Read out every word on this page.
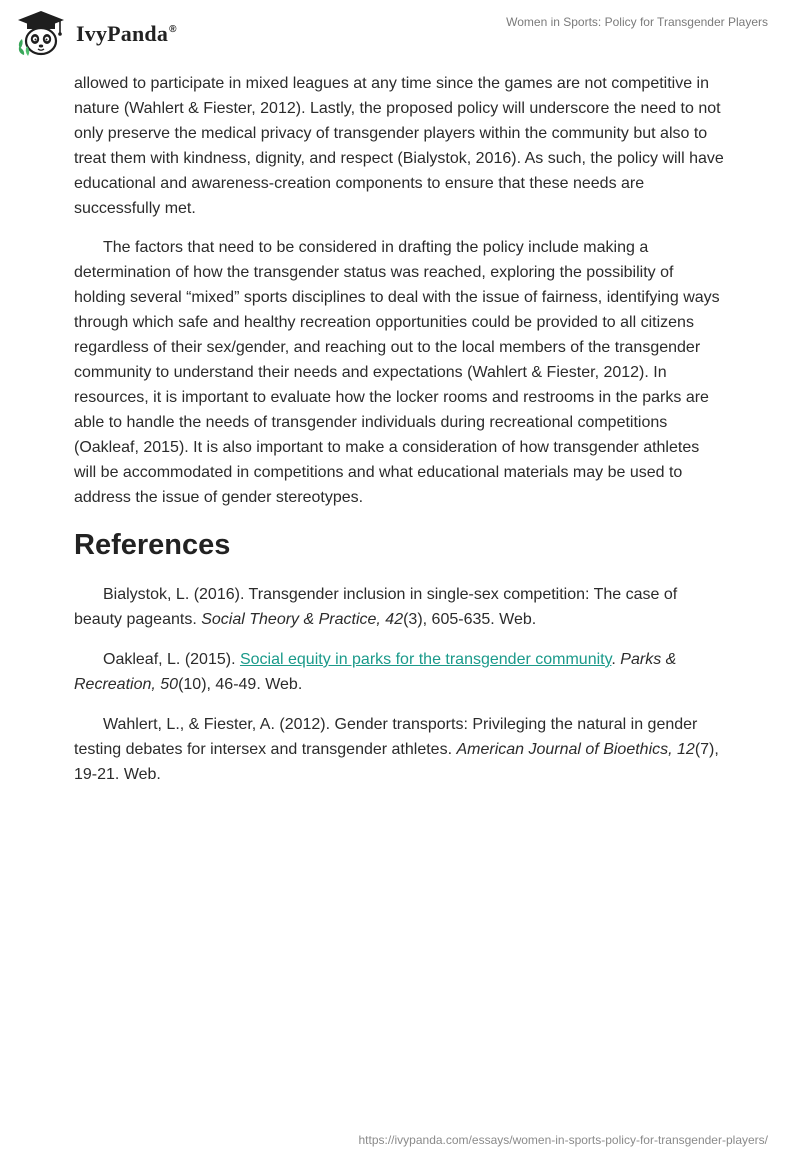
IvyPanda®
Women in Sports: Policy for Transgender Players

allowed to participate in mixed leagues at any time since the games are not competitive in nature (Wahlert & Fiester, 2012). Lastly, the proposed policy will underscore the need to not only preserve the medical privacy of transgender players within the community but also to treat them with kindness, dignity, and respect (Bialystok, 2016). As such, the policy will have educational and awareness-creation components to ensure that these needs are successfully met.

The factors that need to be considered in drafting the policy include making a determination of how the transgender status was reached, exploring the possibility of holding several “mixed” sports disciplines to deal with the issue of fairness, identifying ways through which safe and healthy recreation opportunities could be provided to all citizens regardless of their sex/gender, and reaching out to the local members of the transgender community to understand their needs and expectations (Wahlert & Fiester, 2012). In resources, it is important to evaluate how the locker rooms and restrooms in the parks are able to handle the needs of transgender individuals during recreational competitions (Oakleaf, 2015). It is also important to make a consideration of how transgender athletes will be accommodated in competitions and what educational materials may be used to address the issue of gender stereotypes.

References

Bialystok, L. (2016). Transgender inclusion in single-sex competition: The case of beauty pageants. Social Theory & Practice, 42(3), 605-635. Web.

Oakleaf, L. (2015). Social equity in parks for the transgender community. Parks & Recreation, 50(10), 46-49. Web.

Wahlert, L., & Fiester, A. (2012). Gender transports: Privileging the natural in gender testing debates for intersex and transgender athletes. American Journal of Bioethics, 12(7), 19-21. Web.

https://ivypanda.com/essays/women-in-sports-policy-for-transgender-players/
